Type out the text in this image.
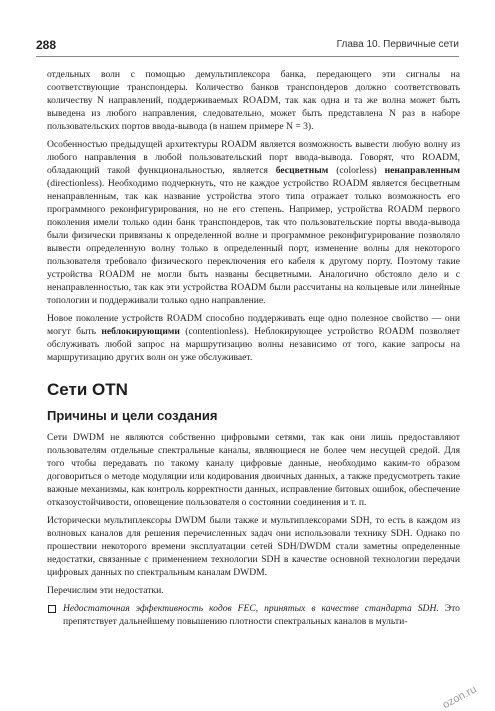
288	Глава 10. Первичные сети

отдельных волн с помощью демультиплексора банка, передающего эти сигналы на соответствующие транспондеры. Количество банков транспондеров должно соответствовать количеству N направлений, поддерживаемых ROADM, так как одна и та же волна может быть выведена из любого направления, следовательно, может быть представлена N раз в наборе пользовательских портов ввода-вывода (в нашем примере N = 3).

Особенностью предыдущей архитектуры ROADM является возможность вывести любую волну из любого направления в любой пользовательский порт ввода-вывода. Говорят, что ROADM, обладающий такой функциональностью, является бесцветным (colorless) ненаправленным (directionless). Необходимо подчеркнуть, что не каждое устройство ROADM является бесцветным ненаправленным, так как название устройства этого типа отражает только возможность его программного реконфигурирования, но не его степень. Например, устройства ROADM первого поколения имели только один банк транспондеров, так что пользовательские порты ввода-вывода были физически привязаны к определенной волне и программное реконфигурирование позволяло вывести определенную волну только в определенный порт, изменение волны для некоторого пользователя требовало физического переключения его кабеля к другому порту. Поэтому такие устройства ROADM не могли быть названы бесцветными. Аналогично обстояло дело и с ненаправленностью, так как эти устройства ROADM были рассчитаны на кольцевые или линейные топологии и поддерживали только одно направление.

Новое поколение устройств ROADM способно поддерживать еще одно полезное свойство — они могут быть неблокирующими (contentionless). Неблокирующее устройство ROADM позволяет обслуживать любой запрос на маршрутизацию волны независимо от того, какие запросы на маршрутизацию других волн он уже обслуживает.

Сети OTN
Причины и цели создания

Сети DWDM не являются собственно цифровыми сетями, так как они лишь предоставляют пользователям отдельные спектральные каналы, являющиеся не более чем несущей средой. Для того чтобы передавать по такому каналу цифровые данные, необходимо каким-то образом договориться о методе модуляции или кодирования двоичных данных, а также предусмотреть такие важные механизмы, как контроль корректности данных, исправление битовых ошибок, обеспечение отказоустойчивости, оповещение пользователя о состоянии соединения и т. п.

Исторически мультиплексоры DWDM были также и мультиплексорами SDH, то есть в каждом из волновых каналов для решения перечисленных задач они использовали технику SDH. Однако по прошествии некоторого времени эксплуатации сетей SDH/DWDM стали заметны определенные недостатки, связанные с применением технологии SDH в качестве основной технологии передачи цифровых данных по спектральным каналам DWDM.

Перечислим эти недостатки.

Недостаточная эффективность кодов FEC, принятых в качестве стандарта SDH. Это препятствует дальнейшему повышению плотности спектральных каналов в мульти-

ozon.ru
